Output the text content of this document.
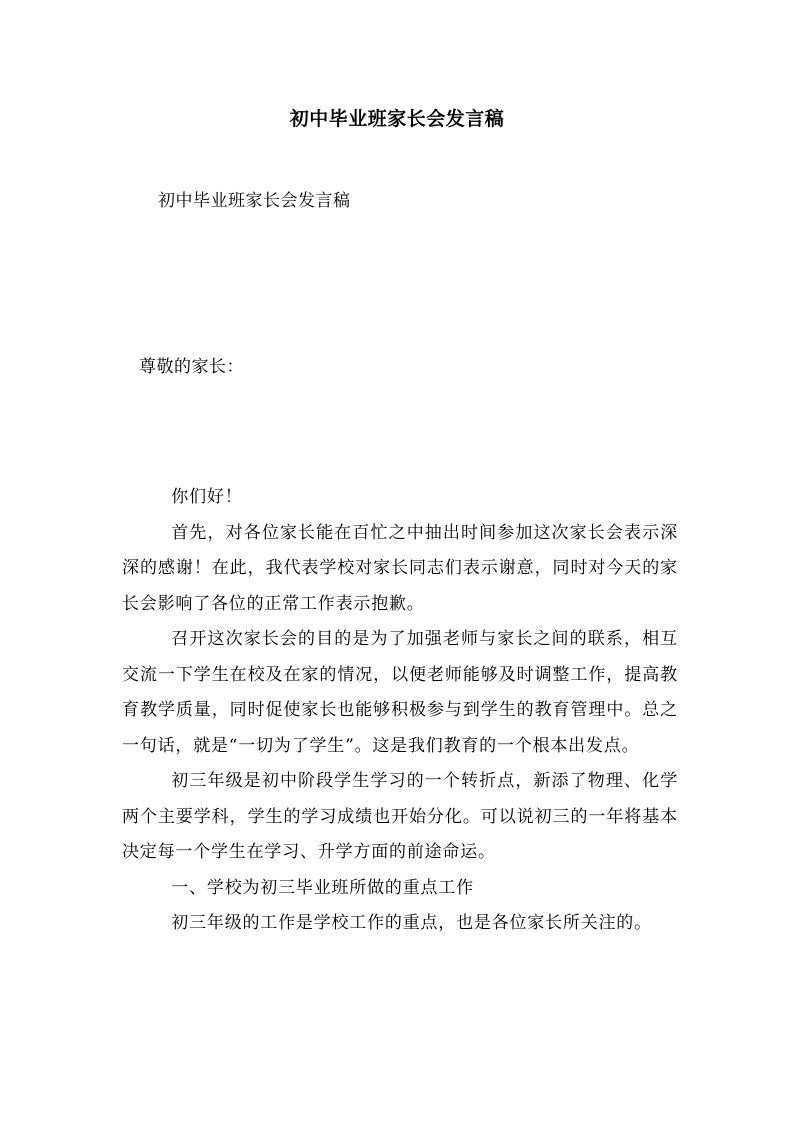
初中毕业班家长会发言稿
初中毕业班家长会发言稿
尊敬的家长：

你们好！

首先，对各位家长能在百忙之中抽出时间参加这次家长会表示深深的感谢！在此，我代表学校对家长同志们表示谢意，同时对今天的家长会影响了各位的正常工作表示抱歉。

召开这次家长会的目的是为了加强老师与家长之间的联系，相互交流一下学生在校及在家的情况，以便老师能够及时调整工作，提高教育教学质量，同时促使家长也能够积极参与到学生的教育管理中。总之一句话，就是“一切为了学生”。这是我们教育的一个根本出发点。

初三年级是初中阶段学生学习的一个转折点，新添了物理、化学两个主要学科，学生的学习成绩也开始分化。可以说初三的一年将基本决定每一个学生在学习、升学方面的前途命运。

一、学校为初三毕业班所做的重点工作

初三年级的工作是学校工作的重点，也是各位家长所关注的。
